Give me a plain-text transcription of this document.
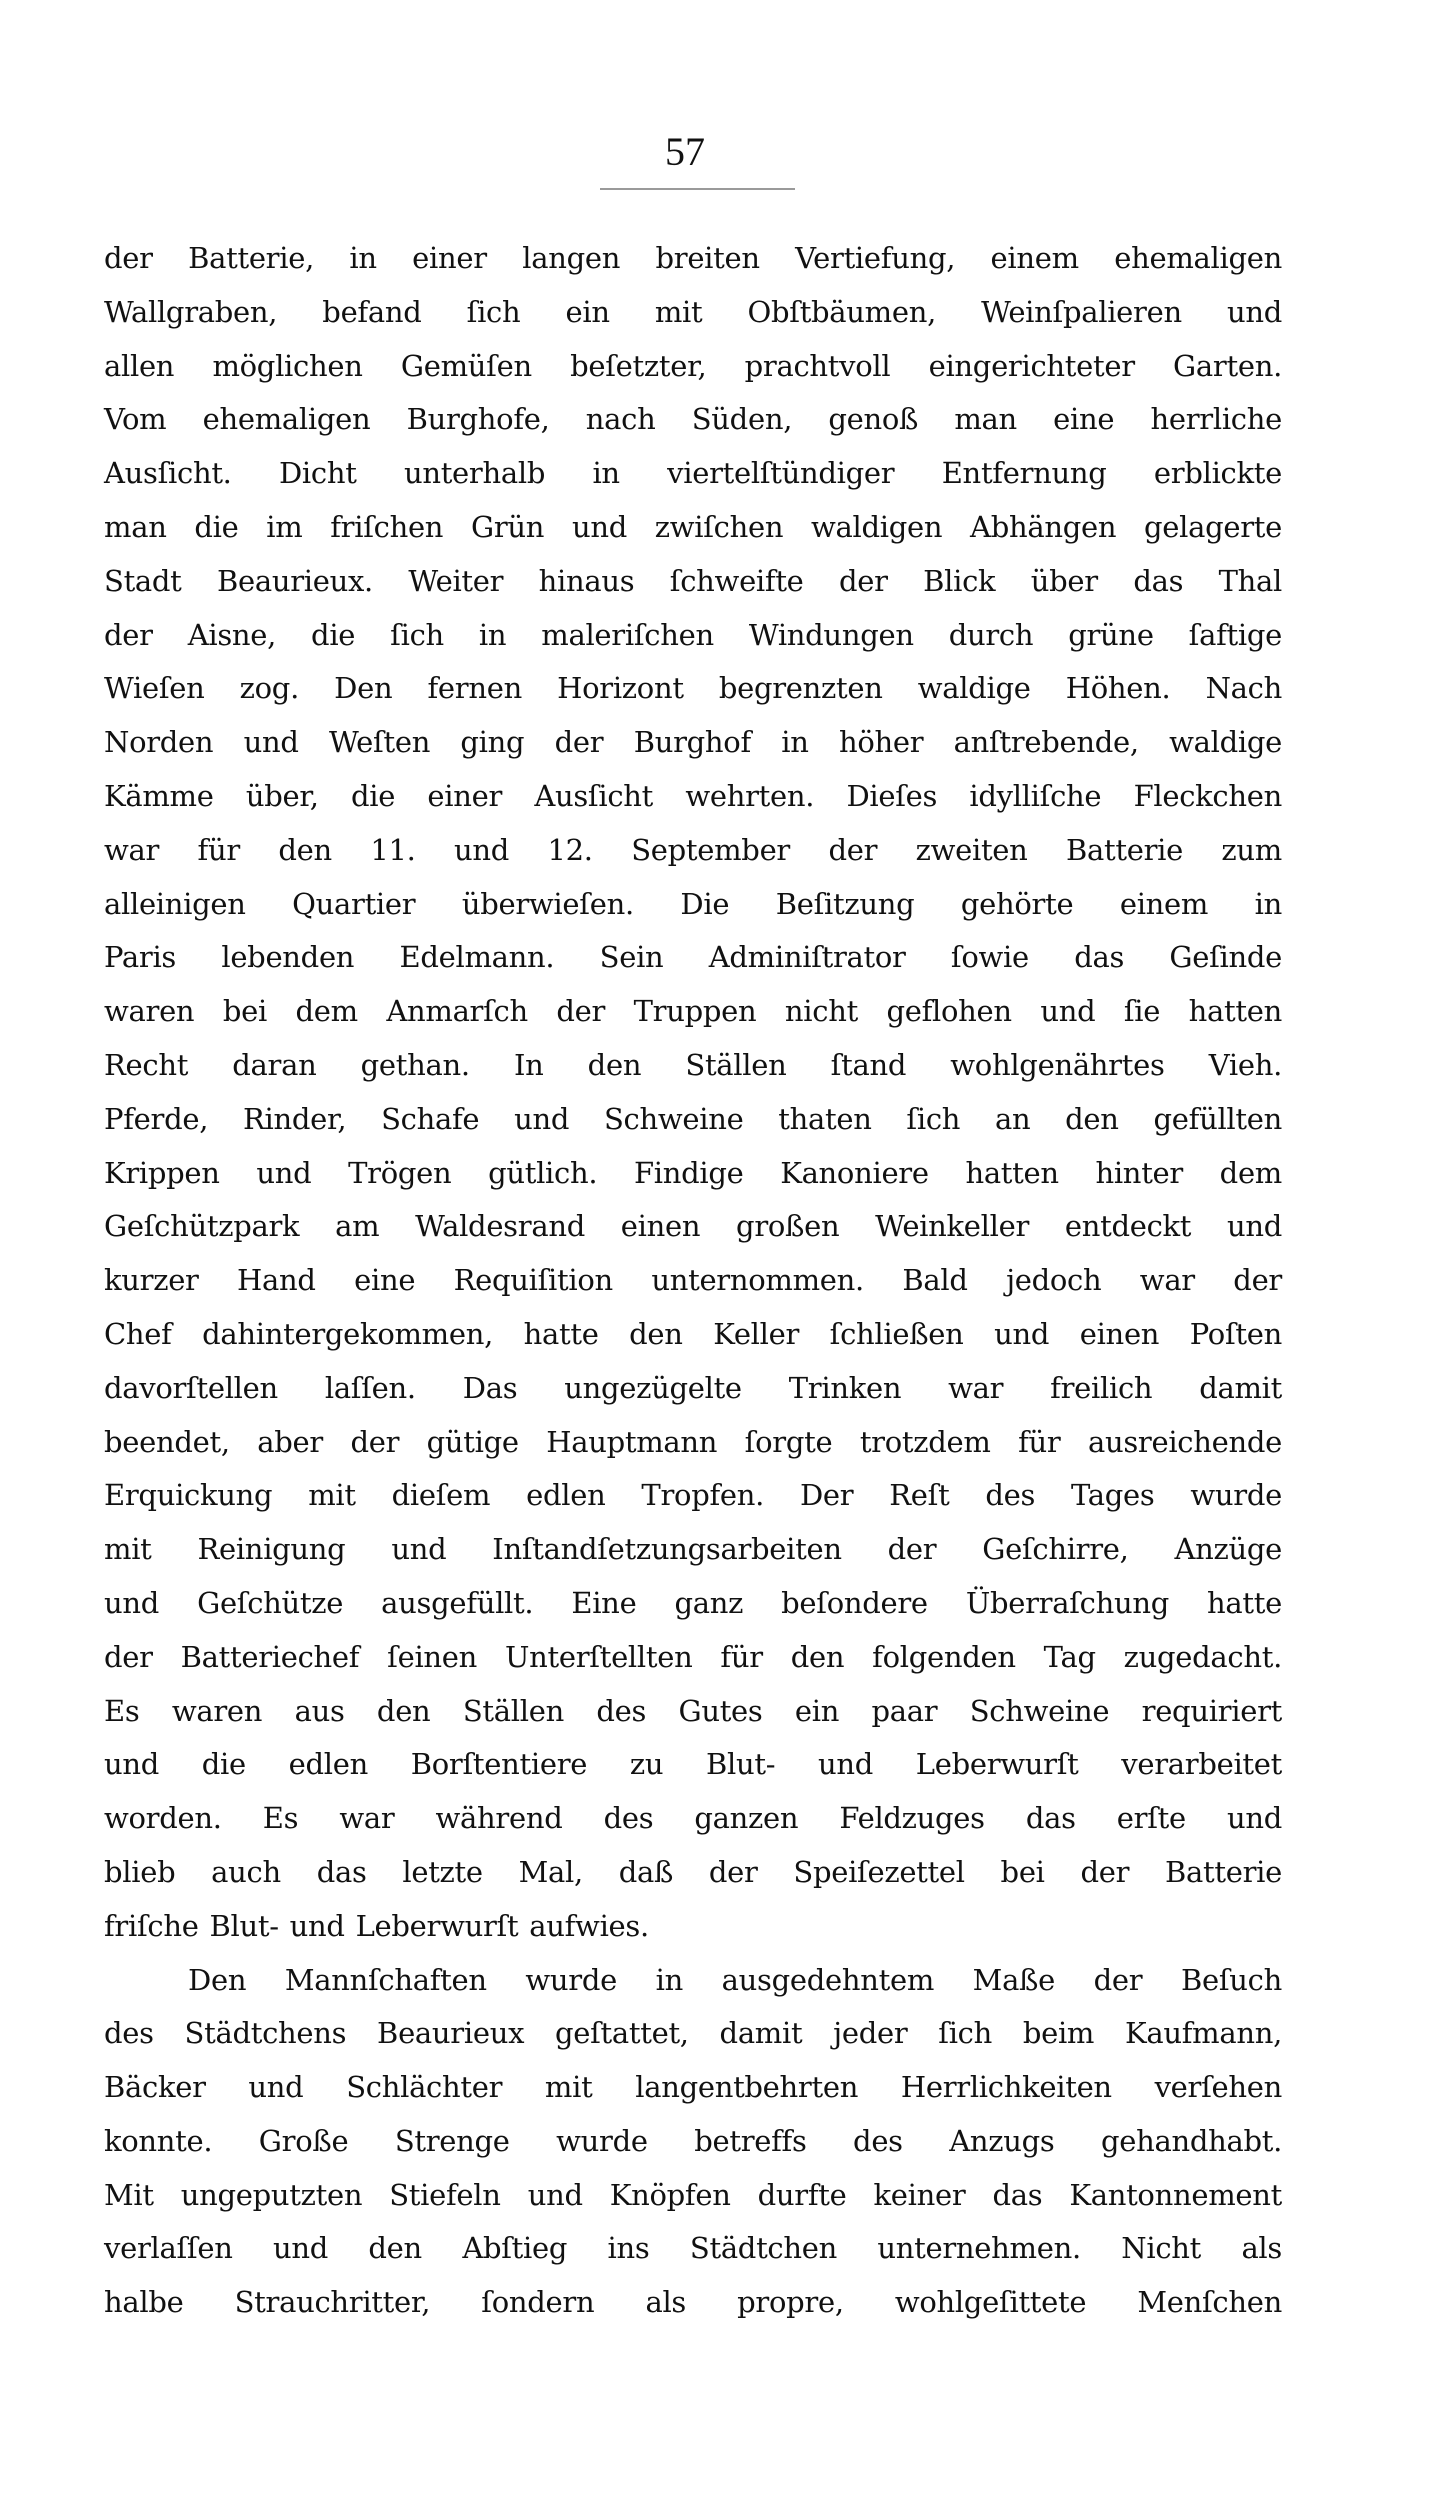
57
der Batterie, in einer langen breiten Vertiefung, einem ehemaligen
Wallgraben, befand ſich ein mit Obſtbäumen, Weinſpalieren und
allen möglichen Gemüſen beſetzter, prachtvoll eingerichteter Garten.
Vom ehemaligen Burghofe, nach Süden, genoß man eine herrliche
Ausſicht. Dicht unterhalb in viertelſtündiger Entfernung erblickte
man die im friſchen Grün und zwiſchen waldigen Abhängen gelagerte
Stadt Beaurieux. Weiter hinaus ſchweifte der Blick über das Thal
der Aisne, die ſich in maleriſchen Windungen durch grüne ſaftige
Wieſen zog. Den fernen Horizont begrenzten waldige Höhen. Nach
Norden und Weſten ging der Burghof in höher anſtrebende, waldige
Kämme über, die einer Ausſicht wehrten. Dieſes idylliſche Fleckchen
war für den 11. und 12. September der zweiten Batterie zum
alleinigen Quartier überwieſen. Die Beſitzung gehörte einem in
Paris lebenden Edelmann. Sein Adminiſtrator ſowie das Geſinde
waren bei dem Anmarſch der Truppen nicht geflohen und ſie hatten
Recht daran gethan. In den Ställen ſtand wohlgenährtes Vieh.
Pferde, Rinder, Schafe und Schweine thaten ſich an den gefüllten
Krippen und Trögen gütlich. Findige Kanoniere hatten hinter dem
Geſchützpark am Waldesrand einen großen Weinkeller entdeckt und
kurzer Hand eine Requiſition unternommen. Bald jedoch war der
Chef dahintergekommen, hatte den Keller ſchließen und einen Poſten
davorſtellen laſſen. Das ungezügelte Trinken war freilich damit
beendet, aber der gütige Hauptmann ſorgte trotzdem für ausreichende
Erquickung mit dieſem edlen Tropfen. Der Reſt des Tages wurde
mit Reinigung und Inſtandſetzungsarbeiten der Geſchirre, Anzüge
und Geſchütze ausgefüllt. Eine ganz beſondere Überraſchung hatte
der Batteriechef ſeinen Unterſtellten für den folgenden Tag zugedacht.
Es waren aus den Ställen des Gutes ein paar Schweine requiriert
und die edlen Borſtentiere zu Blut- und Leberwurſt verarbeitet
worden. Es war während des ganzen Feldzuges das erſte und
blieb auch das letzte Mal, daß der Speiſezettel bei der Batterie
friſche Blut- und Leberwurſt aufwies.
Den Mannſchaften wurde in ausgedehntem Maße der Beſuch
des Städtchens Beaurieux geſtattet, damit jeder ſich beim Kaufmann,
Bäcker und Schlächter mit langentbehrten Herrlichkeiten verſehen
konnte. Große Strenge wurde betreffs des Anzugs gehandhabt.
Mit ungeputzten Stiefeln und Knöpfen durfte keiner das Kantonnement
verlaſſen und den Abſtieg ins Städtchen unternehmen. Nicht als
halbe Strauchritter, ſondern als propre, wohlgeſittete Menſchen
